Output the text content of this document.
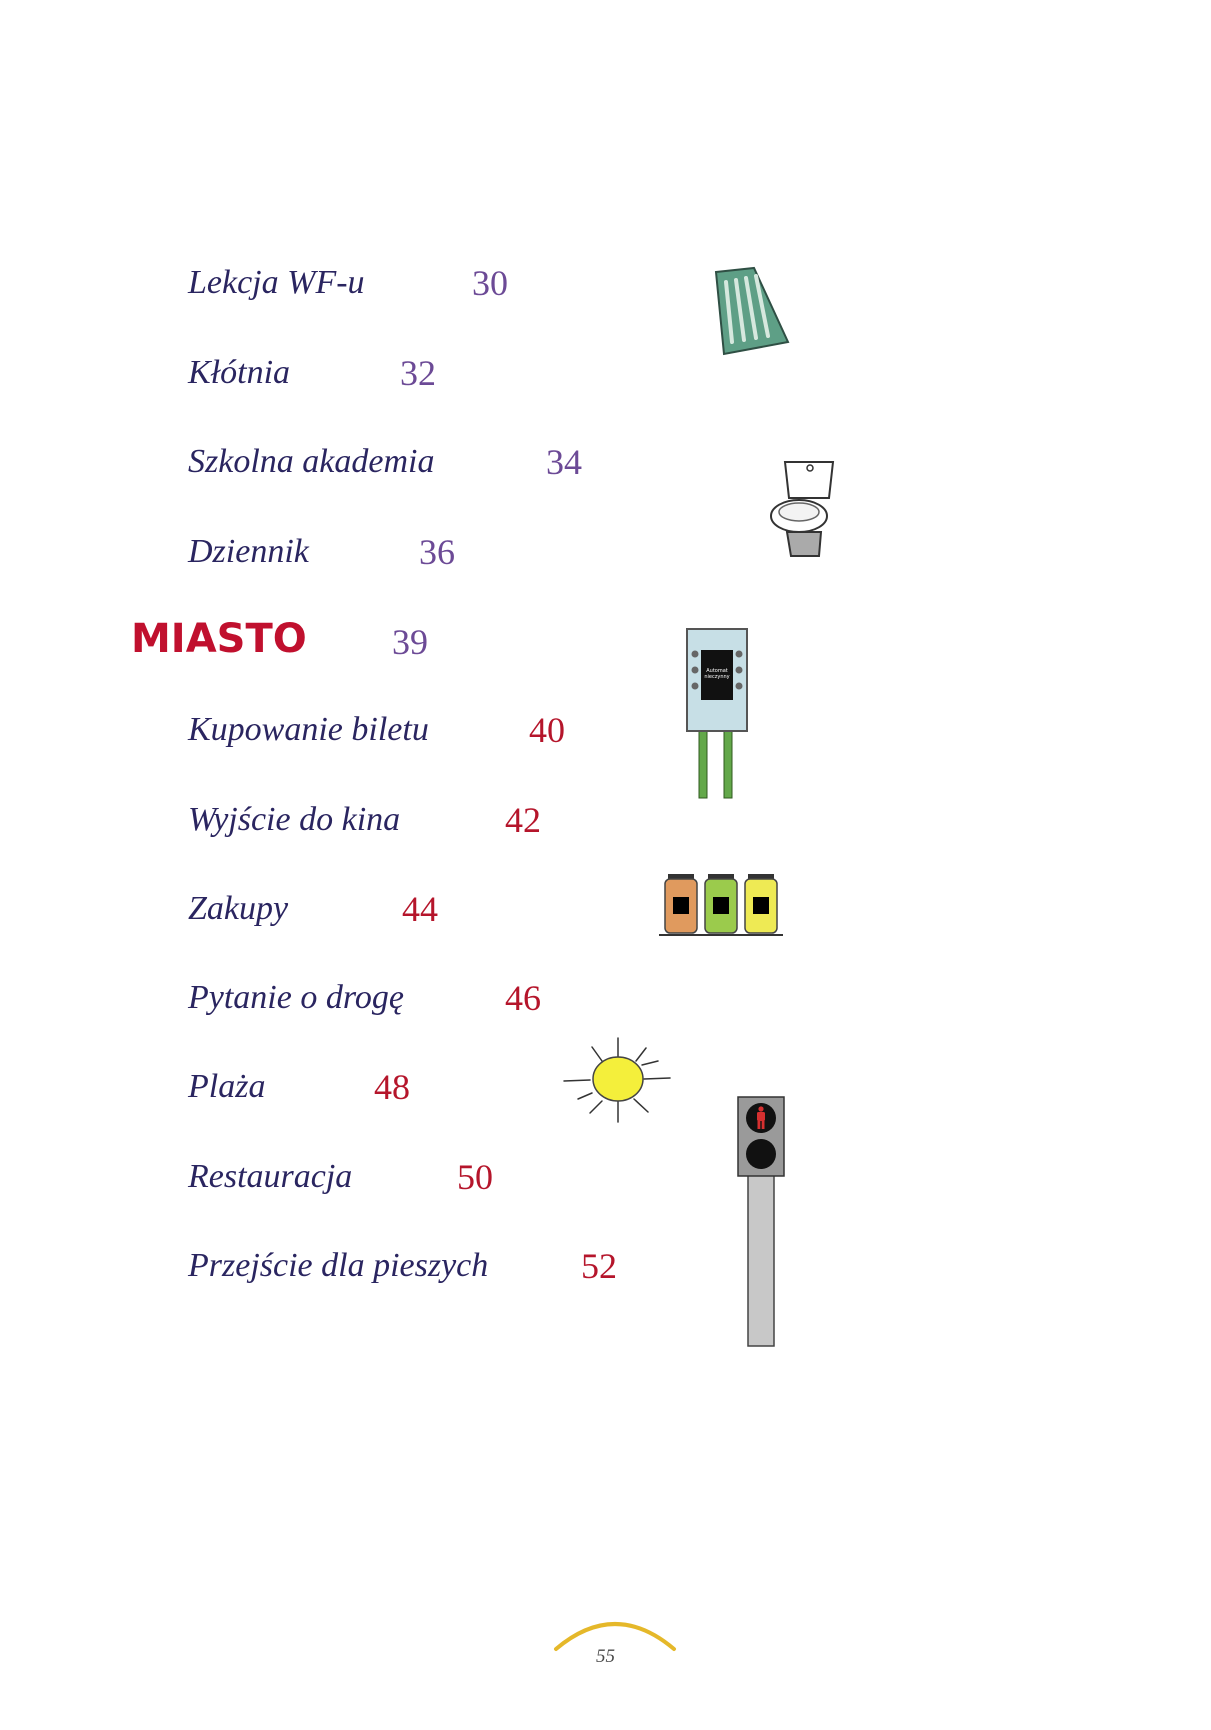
Lekcja WF-u	30
Kłótnia	32
Szkolna akademia	34
Dziennik	36
MIASTO 39
Kupowanie biletu	40
Wyjście do kina	42
Zakupy	44
Pytanie o drogę	46
Plaża	48
Restauracja	50
Przejście dla pieszych	52
Automat
nieczynny
55
